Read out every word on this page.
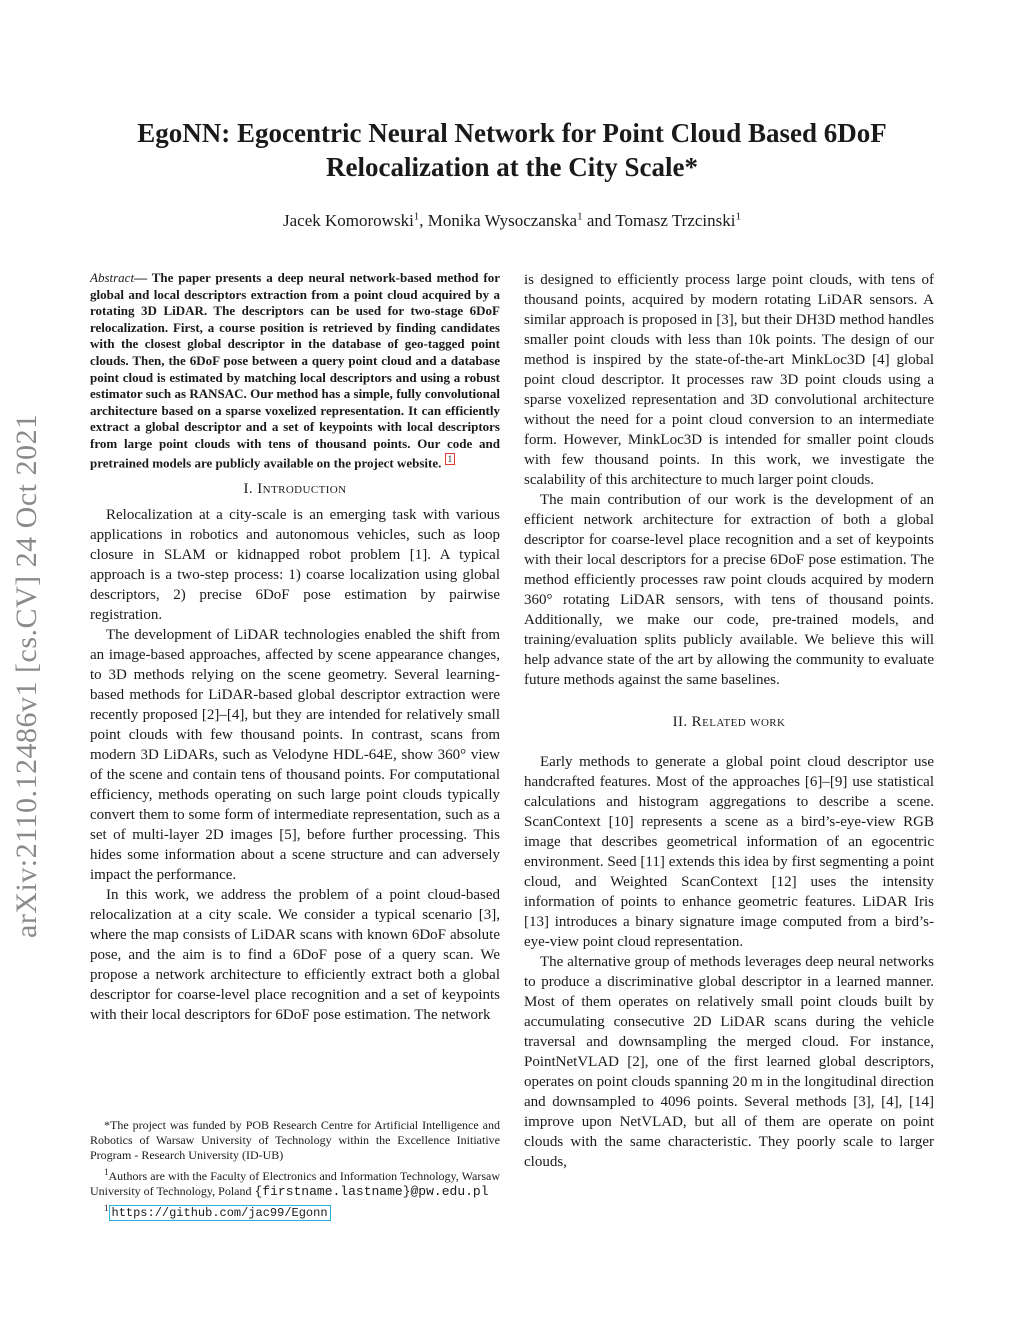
arXiv:2110.12486v1 [cs.CV] 24 Oct 2021
EgoNN: Egocentric Neural Network for Point Cloud Based 6DoF Relocalization at the City Scale*
Jacek Komorowski$^1$, Monika Wysoczanska$^1$ and Tomasz Trzcinski$^1$

Abstract— The paper presents a deep neural network-based method for global and local descriptors extraction from a point cloud acquired by a rotating 3D LiDAR. The descriptors can be used for two-stage 6DoF relocalization. First, a course position is retrieved by finding candidates with the closest global descriptor in the database of geo-tagged point clouds. Then, the 6DoF pose between a query point cloud and a database point cloud is estimated by matching local descriptors and using a robust estimator such as RANSAC. Our method has a simple, fully convolutional architecture based on a sparse voxelized representation. It can efficiently extract a global descriptor and a set of keypoints with local descriptors from large point clouds with tens of thousand points. Our code and pretrained models are publicly available on the project website. 1

I. Introduction

Relocalization at a city-scale is an emerging task with various applications in robotics and autonomous vehicles, such as loop closure in SLAM or kidnapped robot problem [1]. A typical approach is a two-step process: 1) coarse localization using global descriptors, 2) precise 6DoF pose estimation by pairwise registration.

The development of LiDAR technologies enabled the shift from an image-based approaches, affected by scene appearance changes, to 3D methods relying on the scene geometry. Several learning-based methods for LiDAR-based global descriptor extraction were recently proposed [2]–[4], but they are intended for relatively small point clouds with few thousand points. In contrast, scans from modern 3D LiDARs, such as Velodyne HDL-64E, show 360° view of the scene and contain tens of thousand points. For computational efficiency, methods operating on such large point clouds typically convert them to some form of intermediate representation, such as a set of multi-layer 2D images [5], before further processing. This hides some information about a scene structure and can adversely impact the performance.

In this work, we address the problem of a point cloud-based relocalization at a city scale. We consider a typical scenario [3], where the map consists of LiDAR scans with known 6DoF absolute pose, and the aim is to find a 6DoF pose of a query scan. We propose a network architecture to efficiently extract both a global descriptor for coarse-level place recognition and a set of keypoints with their local descriptors for 6DoF pose estimation. The network

is designed to efficiently process large point clouds, with tens of thousand points, acquired by modern rotating LiDAR sensors. A similar approach is proposed in [3], but their DH3D method handles smaller point clouds with less than 10k points. The design of our method is inspired by the state-of-the-art MinkLoc3D [4] global point cloud descriptor. It processes raw 3D point clouds using a sparse voxelized representation and 3D convolutional architecture without the need for a point cloud conversion to an intermediate form. However, MinkLoc3D is intended for smaller point clouds with few thousand points. In this work, we investigate the scalability of this architecture to much larger point clouds.

The main contribution of our work is the development of an efficient network architecture for extraction of both a global descriptor for coarse-level place recognition and a set of keypoints with their local descriptors for a precise 6DoF pose estimation. The method efficiently processes raw point clouds acquired by modern 360° rotating LiDAR sensors, with tens of thousand points. Additionally, we make our code, pre-trained models, and training/evaluation splits publicly available. We believe this will help advance state of the art by allowing the community to evaluate future methods against the same baselines.

II. Related work

Early methods to generate a global point cloud descriptor use handcrafted features. Most of the approaches [6]–[9] use statistical calculations and histogram aggregations to describe a scene. ScanContext [10] represents a scene as a bird’s-eye-view RGB image that describes geometrical information of an egocentric environment. Seed [11] extends this idea by first segmenting a point cloud, and Weighted ScanContext [12] uses the intensity information of points to enhance geometric features. LiDAR Iris [13] introduces a binary signature image computed from a bird’s-eye-view point cloud representation.

The alternative group of methods leverages deep neural networks to produce a discriminative global descriptor in a learned manner. Most of them operates on relatively small point clouds built by accumulating consecutive 2D LiDAR scans during the vehicle traversal and downsampling the merged cloud. For instance, PointNetVLAD [2], one of the first learned global descriptors, operates on point clouds spanning 20 m in the longitudinal direction and downsampled to 4096 points. Several methods [3], [4], [14] improve upon NetVLAD, but all of them are operate on point clouds with the same characteristic. They poorly scale to larger clouds,

*The project was funded by POB Research Centre for Artificial Intelligence and Robotics of Warsaw University of Technology within the Excellence Initiative Program - Research University (ID-UB)

$^1$Authors are with the Faculty of Electronics and Information Technology, Warsaw University of Technology, Poland {firstname.lastname}@pw.edu.pl

$^1$ https://github.com/jac99/Egonn
